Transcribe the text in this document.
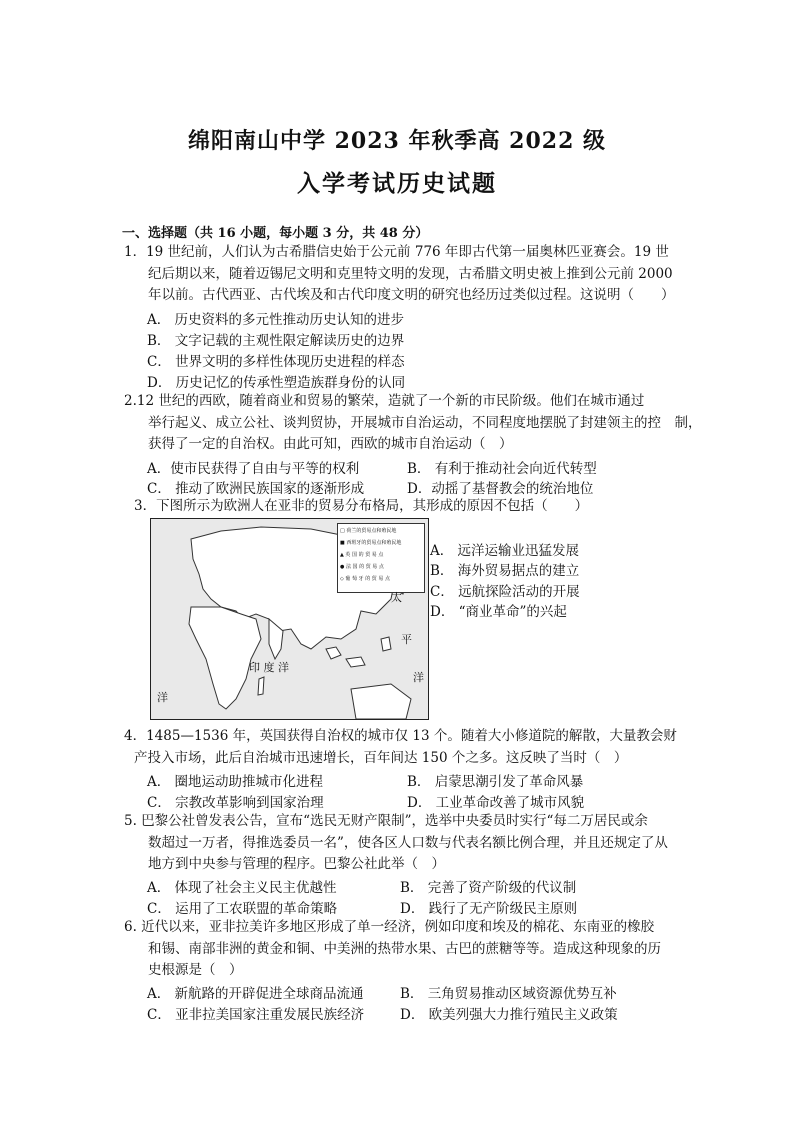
绵阳南山中学 2023 年秋季高 2022 级
入学考试历史试题
一、选择题（共 16 小题，每小题 3 分，共 48 分）
1．19 世纪前，人们认为古希腊信史始于公元前 776 年即古代第一届奥林匹亚赛会。19 世
纪后期以来，随着迈锡尼文明和克里特文明的发现，古希腊文明史被上推到公元前 2000
年以前。古代西亚、古代埃及和古代印度文明的研究也经历过类似过程。这说明（　　）
A． 历史资料的多元性推动历史认知的进步
B． 文字记载的主观性限定解读历史的边界
C． 世界文明的多样性体现历史进程的样态
D． 历史记忆的传承性塑造族群身份的认同
2.12 世纪的西欧，随着商业和贸易的繁荣，造就了一个新的市民阶级。他们在城市通过
举行起义、成立公社、谈判贸协，开展城市自治运动，不同程度地摆脱了封建领主的控　制，
获得了一定的自治权。由此可知，西欧的城市自治运动（　）
A．使市民获得了自由与平等的权利	B． 有利于推动社会向近代转型
C． 推动了欧洲民族国家的逐渐形成	D．动摇了基督教会的统治地位
3．下图所示为欧洲人在亚非的贸易分布格局，其形成的原因不包括（　　）
□ 荷兰的贸易点和殖民地
■ 西班牙的贸易点和殖民地
▲ 英 国 的 贸 易 点
● 法 国 的 贸 易 点
◇ 葡 萄 牙 的 贸 易 点
太
平
印 度 洋
洋
洋
A． 远洋运输业迅猛发展
B． 海外贸易据点的建立
C． 远航探险活动的开展
D． “商业革命”的兴起
4．1485—1536 年，英国获得自治权的城市仅 13 个。随着大小修道院的解散，大量教会财
产投入市场，此后自治城市迅速增长，百年间达 150 个之多。这反映了当时（　）
A． 圈地运动助推城市化进程	B． 启蒙思潮引发了革命风暴
C． 宗教改革影响到国家治理	D． 工业革命改善了城市风貌
5. 巴黎公社曾发表公告，宣布“选民无财产限制”，选举中央委员时实行“每二万居民或余
数超过一万者，得推选委员一名”，使各区人口数与代表名额比例合理，并且还规定了从
地方到中央参与管理的程序。巴黎公社此举（　）
A． 体现了社会主义民主优越性	B． 完善了资产阶级的代议制
C． 运用了工农联盟的革命策略	D． 践行了无产阶级民主原则
6. 近代以来，亚非拉美许多地区形成了单一经济，例如印度和埃及的棉花、东南亚的橡胶
和锡、南部非洲的黄金和铜、中美洲的热带水果、古巴的蔗糖等等。造成这种现象的历
史根源是（　）
A． 新航路的开辟促进全球商品流通	B． 三角贸易推动区域资源优势互补
C． 亚非拉美国家注重发展民族经济	D． 欧美列强大力推行殖民主义政策
